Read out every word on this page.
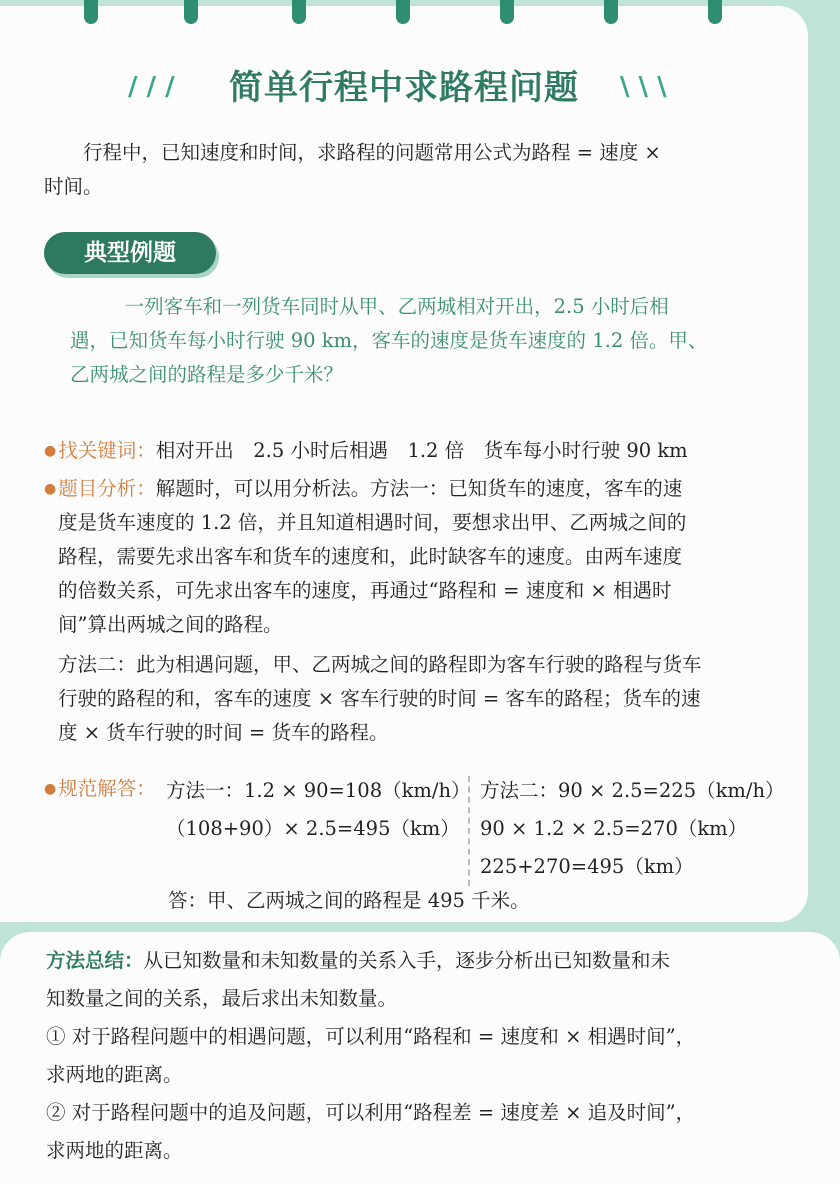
/ / /	简单行程中求路程问题	\ \ \
行程中，已知速度和时间，求路程的问题常用公式为路程 = 速度 ×
时间。
典型例题
一列客车和一列货车同时从甲、乙两城相对开出，2.5 小时后相
遇，已知货车每小时行驶 90 km，客车的速度是货车速度的 1.2 倍。甲、
乙两城之间的路程是多少千米？
● 找关键词：相对开出　2.5 小时后相遇　1.2 倍　货车每小时行驶 90 km
● 题目分析：解题时，可以用分析法。方法一：已知货车的速度，客车的速
度是货车速度的 1.2 倍，并且知道相遇时间，要想求出甲、乙两城之间的
路程，需要先求出客车和货车的速度和，此时缺客车的速度。由两车速度
的倍数关系，可先求出客车的速度，再通过“路程和 = 速度和 × 相遇时
间”算出两城之间的路程。
方法二：此为相遇问题，甲、乙两城之间的路程即为客车行驶的路程与货车
行驶的路程的和，客车的速度 × 客车行驶的时间 = 客车的路程；货车的速
度 × 货车行驶的时间 = 货车的路程。
● 规范解答： 方法一：1.2 × 90=108（km/h）
（108+90）× 2.5=495（km）
方法二：90 × 2.5=225（km/h）
90 × 1.2 × 2.5=270（km）
225+270=495（km）
答：甲、乙两城之间的路程是 495 千米。
方法总结：从已知数量和未知数量的关系入手，逐步分析出已知数量和未
知数量之间的关系，最后求出未知数量。
① 对于路程问题中的相遇问题，可以利用“路程和 = 速度和 × 相遇时间”，
求两地的距离。
② 对于路程问题中的追及问题，可以利用“路程差 = 速度差 × 追及时间”，
求两地的距离。
